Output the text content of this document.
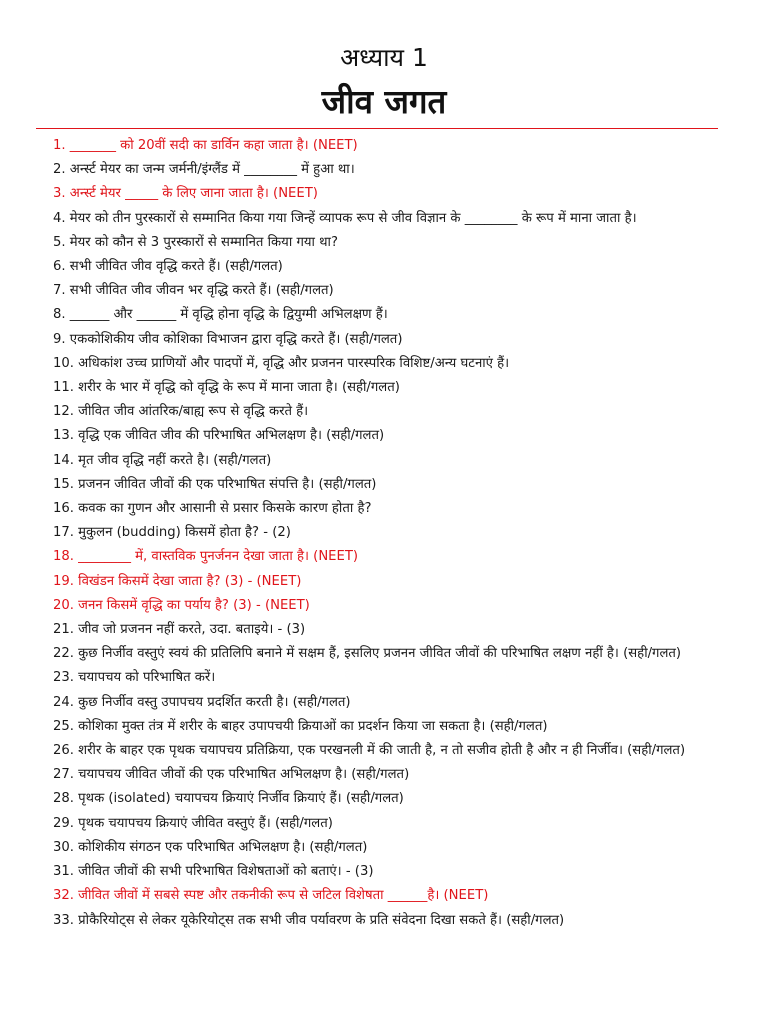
अध्याय 1
जीव जगत
1. _______ को 20वीं सदी का डार्विन कहा जाता है। (NEET)
2. अर्न्स्ट मेयर का जन्म जर्मनी/इंग्लैंड में ________ में हुआ था।
3. अर्न्स्ट मेयर _____ के लिए जाना जाता है। (NEET)
4. मेयर को तीन पुरस्कारों से सम्मानित किया गया जिन्हें व्यापक रूप से जीव विज्ञान के ________ के रूप में माना जाता है।
5. मेयर को कौन से 3 पुरस्कारों से सम्मानित किया गया था?
6. सभी जीवित जीव वृद्धि करते हैं। (सही/गलत)
7. सभी जीवित जीव जीवन भर वृद्धि करते हैं। (सही/गलत)
8. ______ और ______ में वृद्धि होना वृद्धि के द्वियुग्मी अभिलक्षण हैं।
9. एककोशिकीय जीव कोशिका विभाजन द्वारा वृद्धि करते हैं। (सही/गलत)
10. अधिकांश उच्च प्राणियों और पादपों में, वृद्धि और प्रजनन पारस्परिक विशिष्ट/अन्य घटनाएं हैं।
11. शरीर के भार में वृद्धि को वृद्धि के रूप में माना जाता है। (सही/गलत)
12. जीवित जीव आंतरिक/बाह्य रूप से वृद्धि करते हैं।
13. वृद्धि एक जीवित जीव की परिभाषित अभिलक्षण है। (सही/गलत)
14. मृत जीव वृद्धि नहीं करते है। (सही/गलत)
15. प्रजनन जीवित जीवों की एक परिभाषित संपत्ति है। (सही/गलत)
16. कवक का गुणन और आसानी से प्रसार किसके कारण होता है?
17. मुकुलन (budding) किसमें होता है? - (2)
18. ________ में, वास्तविक पुनर्जनन देखा जाता है। (NEET)
19. विखंडन किसमें देखा जाता है? (3) - (NEET)
20. जनन किसमें वृद्धि का पर्याय है? (3) - (NEET)
21. जीव जो प्रजनन नहीं करते, उदा. बताइये। - (3)
22. कुछ निर्जीव वस्तुएं स्वयं की प्रतिलिपि बनाने में सक्षम हैं, इसलिए प्रजनन जीवित जीवों की परिभाषित लक्षण नहीं है। (सही/गलत)
23. चयापचय को परिभाषित करें।
24. कुछ निर्जीव वस्तु उपापचय प्रदर्शित करती है। (सही/गलत)
25. कोशिका मुक्त तंत्र में शरीर के बाहर उपापचयी क्रियाओं का प्रदर्शन किया जा सकता है। (सही/गलत)
26. शरीर के बाहर एक पृथक चयापचय प्रतिक्रिया, एक परखनली में की जाती है, न तो सजीव होती है और न ही निर्जीव। (सही/गलत)
27. चयापचय जीवित जीवों की एक परिभाषित अभिलक्षण है। (सही/गलत)
28. पृथक (isolated) चयापचय क्रियाएं निर्जीव क्रियाएं हैं। (सही/गलत)
29. पृथक चयापचय क्रियाएं जीवित वस्तुएं हैं। (सही/गलत)
30. कोशिकीय संगठन एक परिभाषित अभिलक्षण है। (सही/गलत)
31. जीवित जीवों की सभी परिभाषित विशेषताओं को बताएं। - (3)
32. जीवित जीवों में सबसे स्पष्ट और तकनीकी रूप से जटिल विशेषता ______है। (NEET)
33. प्रोकैरियोट्स से लेकर यूकेरियोट्स तक सभी जीव पर्यावरण के प्रति संवेदना दिखा सकते हैं। (सही/गलत)
